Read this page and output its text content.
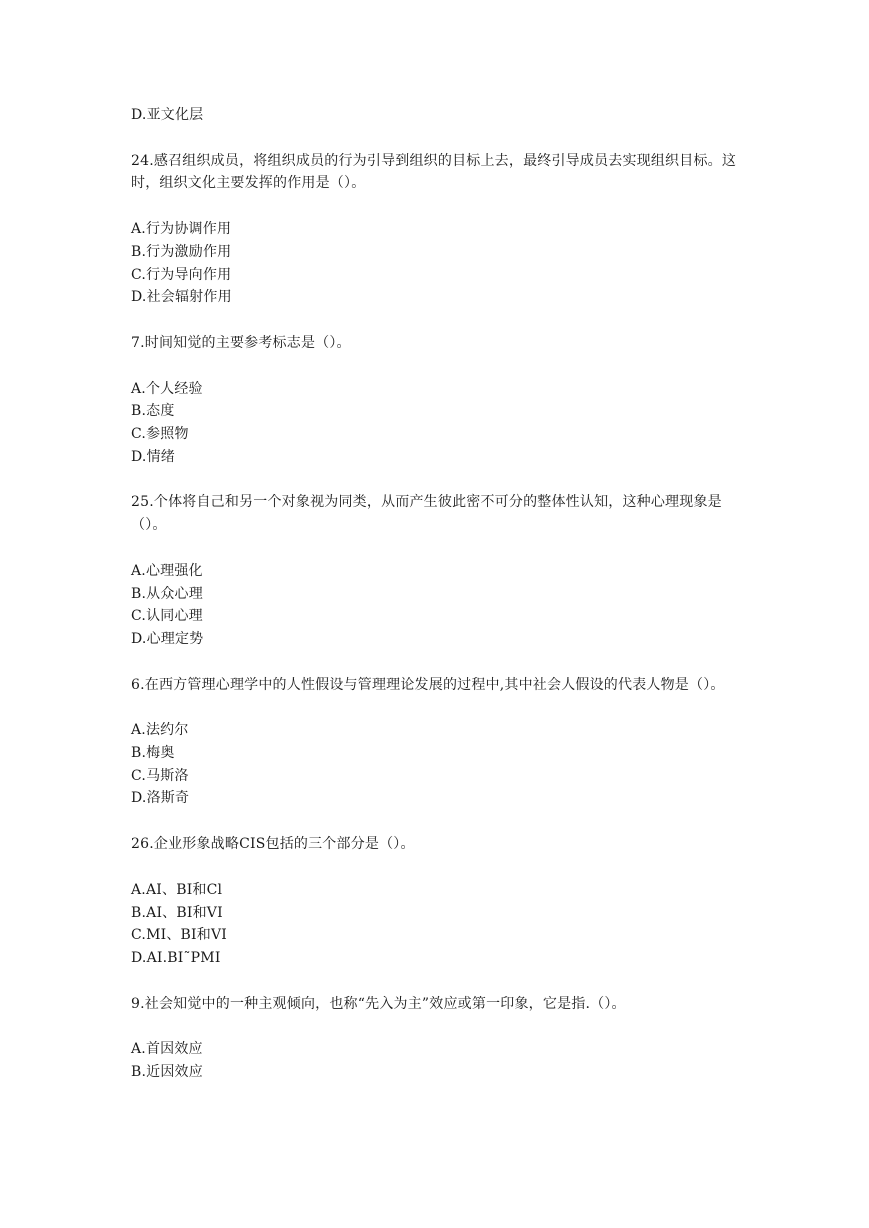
D.亚文化层
24.感召组织成员，将组织成员的行为引导到组织的目标上去，最终引导成员去实现组织目标。这时，组织文化主要发挥的作用是（）。
A.行为协调作用
B.行为激励作用
C.行为导向作用
D.社会辐射作用
7.时间知觉的主要参考标志是（）。
A.个人经验
B.态度
C.参照物
D.情绪
25.个体将自己和另一个对象视为同类，从而产生彼此密不可分的整体性认知，这种心理现象是（）。
A.心理强化
B.从众心理
C.认同心理
D.心理定势
6.在西方管理心理学中的人性假设与管理理论发展的过程中,其中社会人假设的代表人物是（）。
A.法约尔
B.梅奥
C.马斯洛
D.洛斯奇
26.企业形象战略CIS包括的三个部分是（）。
A.AI、BI和Cl
B.AI、BI和VI
C.MI、BI和VI
D.AI.BI˜PMI
9.社会知觉中的一种主观倾向，也称“先入为主”效应或第一印象，它是指.（）。
A.首因效应
B.近因效应
